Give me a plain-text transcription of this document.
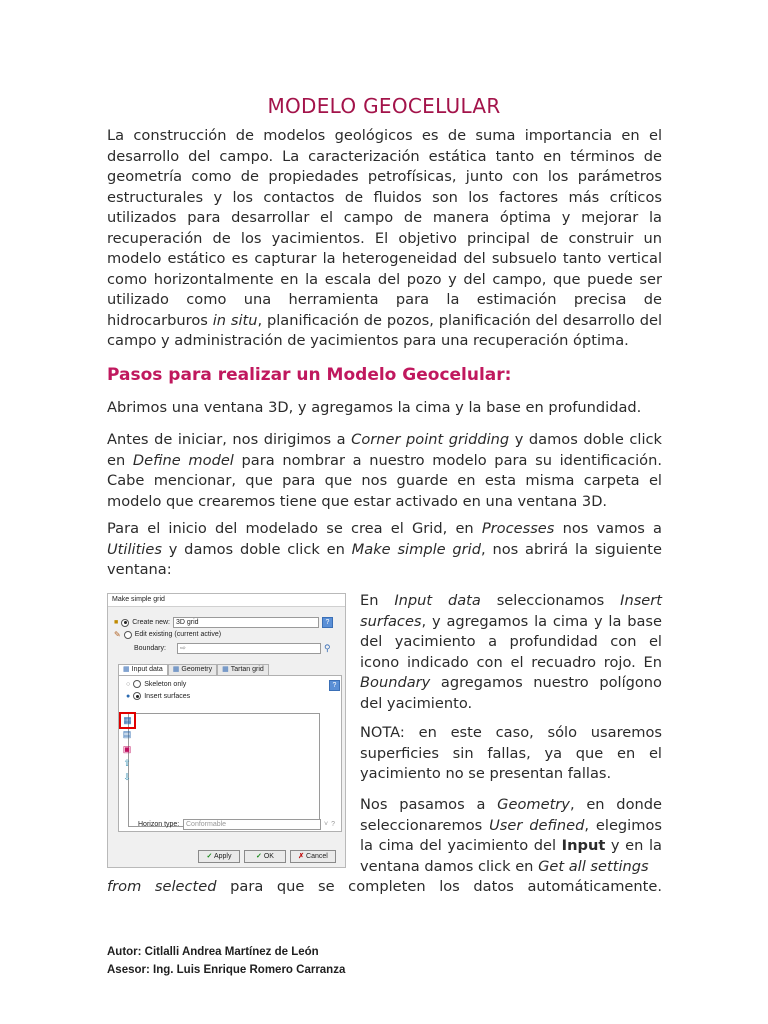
MODELO GEOCELULAR

La construcción de modelos geológicos es de suma importancia en el desarrollo del campo. La caracterización estática tanto en términos de geometría como de propiedades petrofísicas, junto con los parámetros estructurales y los contactos de fluidos son los factores más críticos utilizados para desarrollar el campo de manera óptima y mejorar la recuperación de los yacimientos. El objetivo principal de construir un modelo estático es capturar la heterogeneidad del subsuelo tanto vertical como horizontalmente en la escala del pozo y del campo, que puede ser utilizado como una herramienta para la estimación precisa de hidrocarburos in situ, planificación de pozos, planificación del desarrollo del campo y administración de yacimientos para una recuperación óptima.

Pasos para realizar un Modelo Geocelular:

Abrimos una ventana 3D, y agregamos la cima y la base en profundidad.

Antes de iniciar, nos dirigimos a Corner point gridding y damos doble click en Define model para nombrar a nuestro modelo para su identificación. Cabe mencionar, que para que nos guarde en esta misma carpeta el modelo que crearemos tiene que estar activado en una ventana 3D.

Para el inicio del modelado se crea el Grid, en Processes nos vamos a Utilities y damos doble click en Make simple grid, nos abrirá la siguiente ventana:

Make simple grid
■ Create new: 3D grid	?
✎ Edit existing (current active)
Boundary:	⇨	⚲
▦ Input data ▦ Geometry ▦ Tartan grid
○ Skeleton only	?
● Insert surfaces
▦
▤
▣
⇧
⇩
Horizon type: Conformable	˅ ?
✓ Apply	✓ OK	✗ Cancel

En Input data seleccionamos Insert surfaces, y agregamos la cima y la base del yacimiento a profundidad con el icono indicado con el recuadro rojo. En Boundary agregamos nuestro polígono del yacimiento.

NOTA: en este caso, sólo usaremos superficies sin fallas, ya que en el yacimiento no se presentan fallas.

Nos pasamos a Geometry, en donde seleccionaremos User defined, elegimos la cima del yacimiento del Input y en la ventana damos click en Get all settings

from selected para que se completen los datos automáticamente.

Autor: Citlalli Andrea Martínez de León
Asesor: Ing. Luis Enrique Romero Carranza
